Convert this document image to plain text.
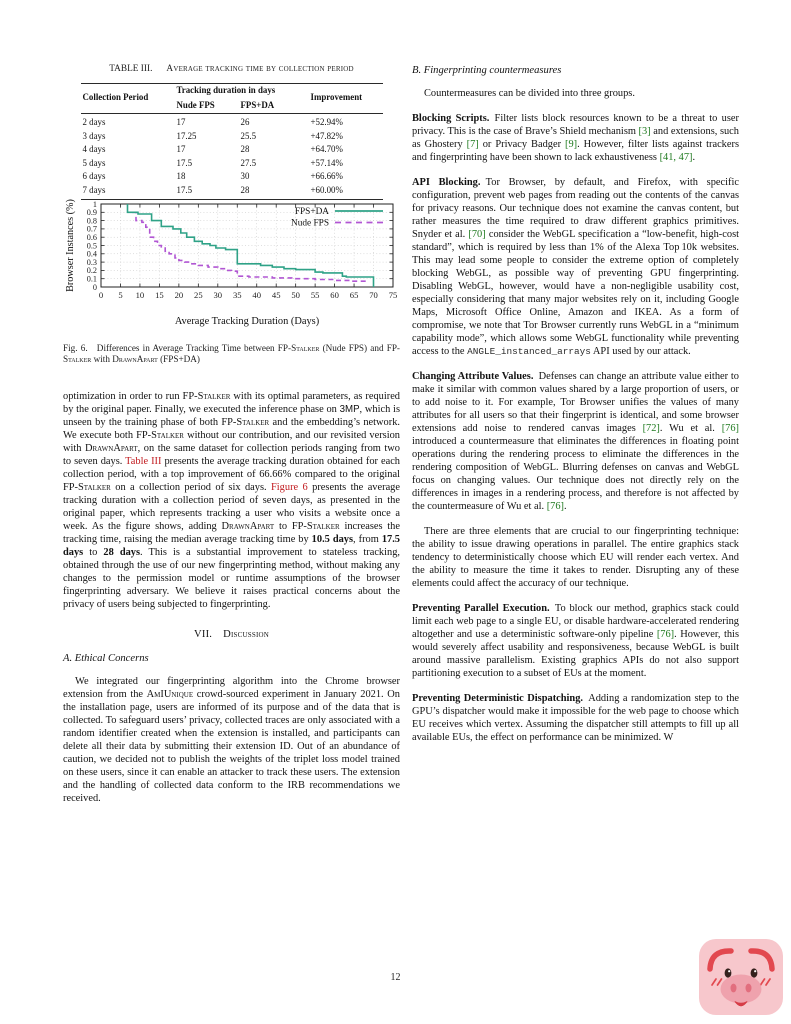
TABLE III. Average tracking time by collection period
Collection Period	Tracking duration in days		Improvement
	Nude FPS	FPS+DA	
2 days	17	26	+52.94%
3 days	17.25	25.5	+47.82%
4 days	17	28	+64.70%
5 days	17.5	27.5	+57.14%
6 days	18	30	+66.66%
7 days	17.5	28	+60.00%
0 5 10 15 20 25 30 35 40 45 50 55 60 65 70 75
0
0.1
0.2
0.3
0.4
0.5
0.6
0.7
0.8
0.9
1
FPS+DA
Nude FPS
Average Tracking Duration (Days)
Browser Instances (%)
Fig. 6.  Differences in Average Tracking Time between FP-Stalker (Nude FPS) and FP-Stalker with DrawnApart (FPS+DA)

optimization in order to run FP-Stalker with its optimal parameters, as required by the original paper. Finally, we executed the inference phase on 3MP, which is unseen by the training phase of both FP-Stalker and the embedding’s network. We execute both FP-Stalker without our contribution, and our revisited version with DrawnApart, on the same dataset for collection periods ranging from two to seven days. Table III presents the average tracking duration obtained for each collection period, with a top improvement of 66.66% compared to the original FP-Stalker on a collection period of six days. Figure 6 presents the average tracking duration with a collection period of seven days, as presented in the original paper, which represents tracking a user who visits a website once a week. As the figure shows, adding DrawnApart to FP-Stalker increases the tracking time, raising the median average tracking time by 10.5 days, from 17.5 days to 28 days. This is a substantial improvement to stateless tracking, obtained through the use of our new fingerprinting method, without making any changes to the permission model or runtime assumptions of the browser fingerprinting adversary. We believe it raises practical concerns about the privacy of users being subjected to fingerprinting.

VII.  Discussion
A. Ethical Concerns

We integrated our fingerprinting algorithm into the Chrome browser extension from the AmIUnique crowd-sourced experiment in January 2021. On the installation page, users are informed of its purpose and of the data that is collected. To safeguard users’ privacy, collected traces are only associated with a random identifier created when the extension is installed, and participants can delete all their data by submitting their extension ID. Out of an abundance of caution, we decided not to publish the weights of the triplet loss model trained on these users, since it can enable an attacker to track these users. The extension and the handling of collected data conform to the IRB recommendations we received.

B. Fingerprinting countermeasures

Countermeasures can be divided into three groups.

Blocking Scripts. Filter lists block resources known to be a threat to user privacy. This is the case of Brave’s Shield mechanism [3] and extensions, such as Ghostery [7] or Privacy Badger [9]. However, filter lists against trackers and fingerprinting have been shown to lack exhaustiveness [41, 47].

API Blocking. Tor Browser, by default, and Firefox, with specific configuration, prevent web pages from reading out the contents of the canvas for privacy reasons. Our technique does not examine the canvas content, but rather measures the time required to draw different graphics primitives. Snyder et al. [70] consider the WebGL specification a “low-benefit, high-cost standard”, which is required by less than 1% of the Alexa Top 10k websites. This may lead some people to consider the extreme option of completely blocking WebGL, as possible way of preventing GPU fingerprinting. Disabling WebGL, however, would have a non-negligible usability cost, especially considering that many major websites rely on it, including Google Maps, Microsoft Office Online, Amazon and IKEA. As a form of compromise, we note that Tor Browser currently runs WebGL in a “minimum capability mode”, which allows some WebGL functionality while preventing access to the ANGLE_instanced_arrays API used by our attack.

Changing Attribute Values. Defenses can change an attribute value either to make it similar with common values shared by a large proportion of users, or to add noise to it. For example, Tor Browser unifies the values of many attributes for all users so that their fingerprint is identical, and some browser extensions add noise to rendered canvas images [72]. Wu et al. [76] introduced a countermeasure that eliminates the differences in floating point operations during the rendering process to eliminate the differences in the rendering composition of WebGL. Blurring defenses on canvas and WebGL focus on changing values. Our technique does not directly rely on the differences in images in a rendering process, and therefore is not affected by the countermeasure of Wu et al. [76].

There are three elements that are crucial to our fingerprinting technique: the ability to issue drawing operations in parallel. The entire graphics stack tendency to deterministically choose which EU will render each vertex. And the ability to measure the time it takes to render. Disrupting any of these elements could affect the accuracy of our technique.

Preventing Parallel Execution. To block our method, graphics stack could limit each web page to a single EU, or disable hardware-accelerated rendering altogether and use a deterministic software-only pipeline [76]. However, this would severely affect usability and responsiveness, because WebGL is built around massive parallelism. Existing graphics APIs do not also support partitioning execution to a subset of EUs at the moment.

Preventing Deterministic Dispatching. Adding a randomization step to the GPU’s dispatcher would make it impossible for the web page to choose which EU receives which vertex. Assuming the dispatcher still attempts to fill up all available EUs, the effect on performance can be minimized. W

12
